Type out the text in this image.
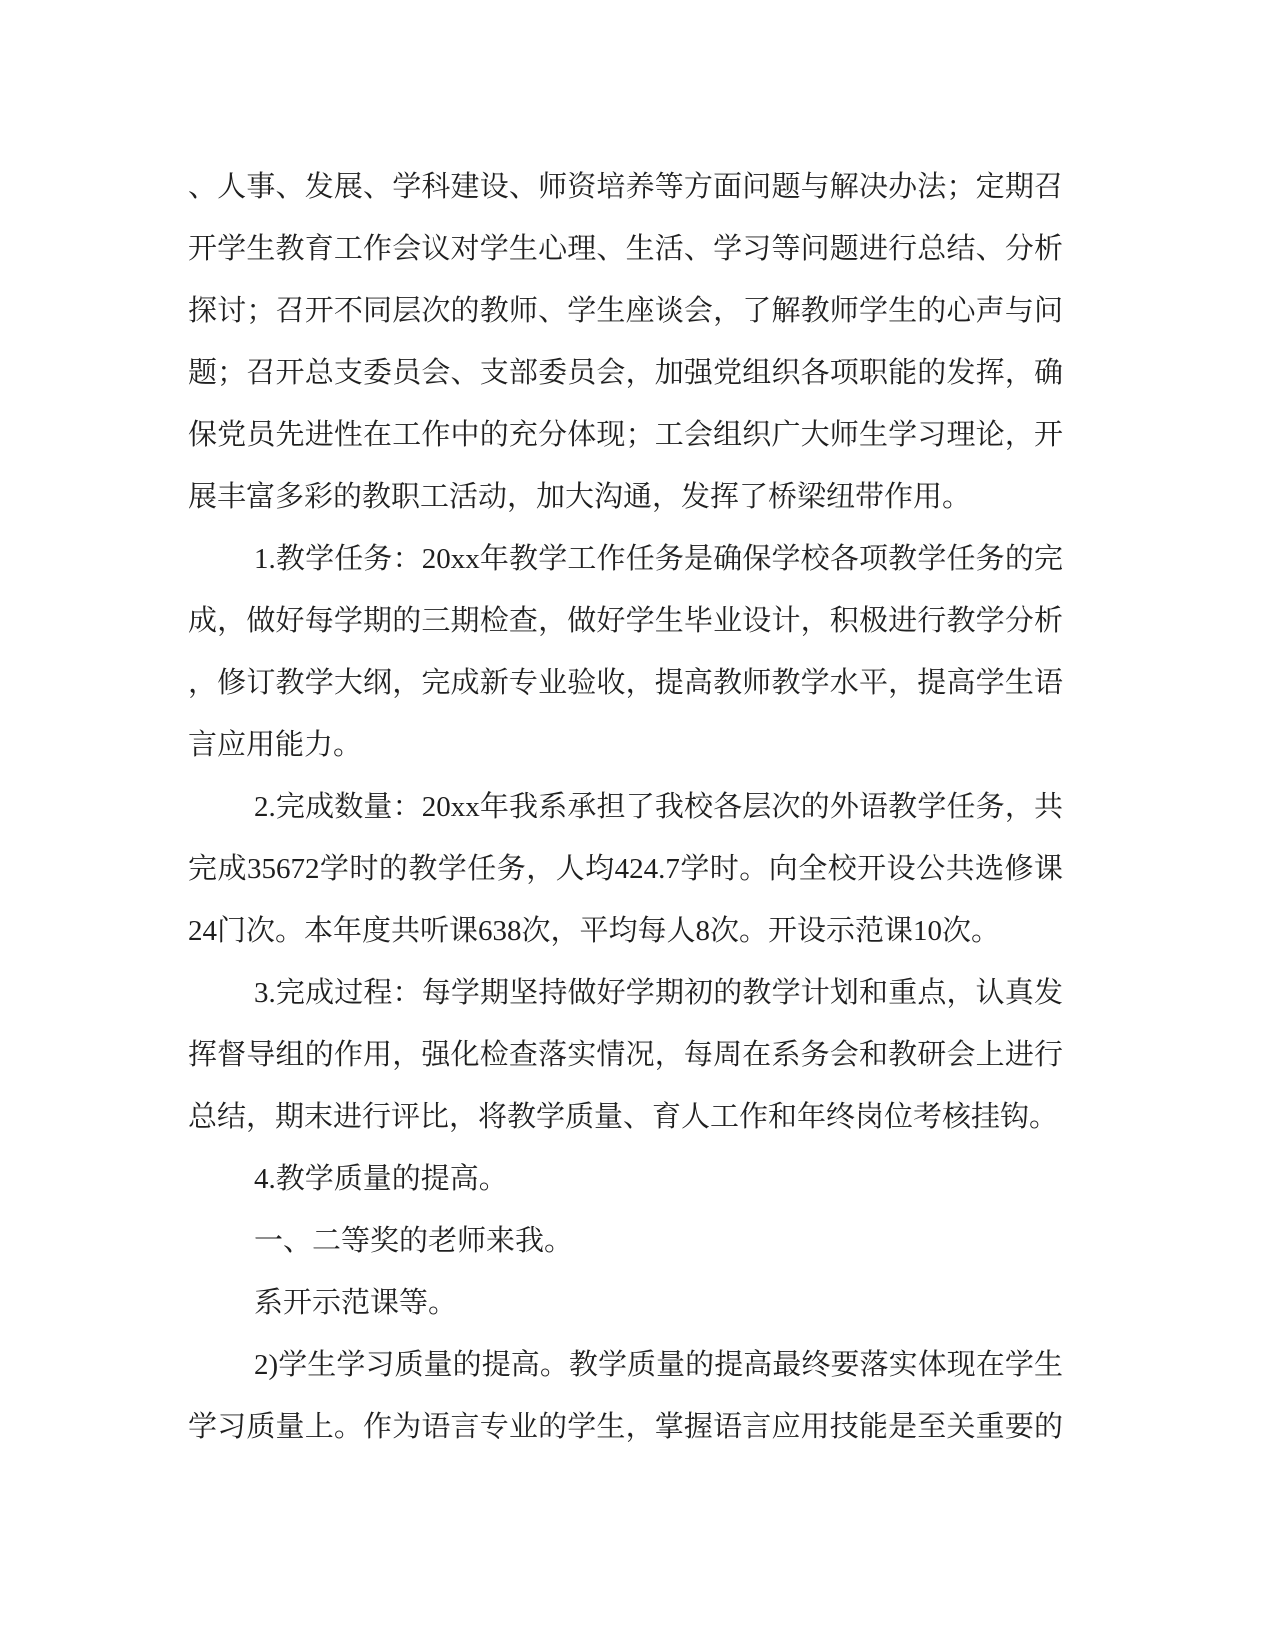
、人事、发展、学科建设、师资培养等方面问题与解决办法；定期召
开学生教育工作会议对学生心理、生活、学习等问题进行总结、分析
探讨；召开不同层次的教师、学生座谈会，了解教师学生的心声与问
题；召开总支委员会、支部委员会，加强党组织各项职能的发挥，确
保党员先进性在工作中的充分体现；工会组织广大师生学习理论，开
展丰富多彩的教职工活动，加大沟通，发挥了桥梁纽带作用。
1.教学任务：20xx年教学工作任务是确保学校各项教学任务的完
成，做好每学期的三期检查，做好学生毕业设计，积极进行教学分析
，修订教学大纲，完成新专业验收，提高教师教学水平，提高学生语
言应用能力。
2.完成数量：20xx年我系承担了我校各层次的外语教学任务，共
完成35672学时的教学任务，人均424.7学时。向全校开设公共选修课
24门次。本年度共听课638次，平均每人8次。开设示范课10次。
3.完成过程：每学期坚持做好学期初的教学计划和重点，认真发
挥督导组的作用，强化检查落实情况，每周在系务会和教研会上进行
总结，期末进行评比，将教学质量、育人工作和年终岗位考核挂钩。
4.教学质量的提高。
一、二等奖的老师来我。
系开示范课等。
2)学生学习质量的提高。教学质量的提高最终要落实体现在学生
学习质量上。作为语言专业的学生，掌握语言应用技能是至关重要的
